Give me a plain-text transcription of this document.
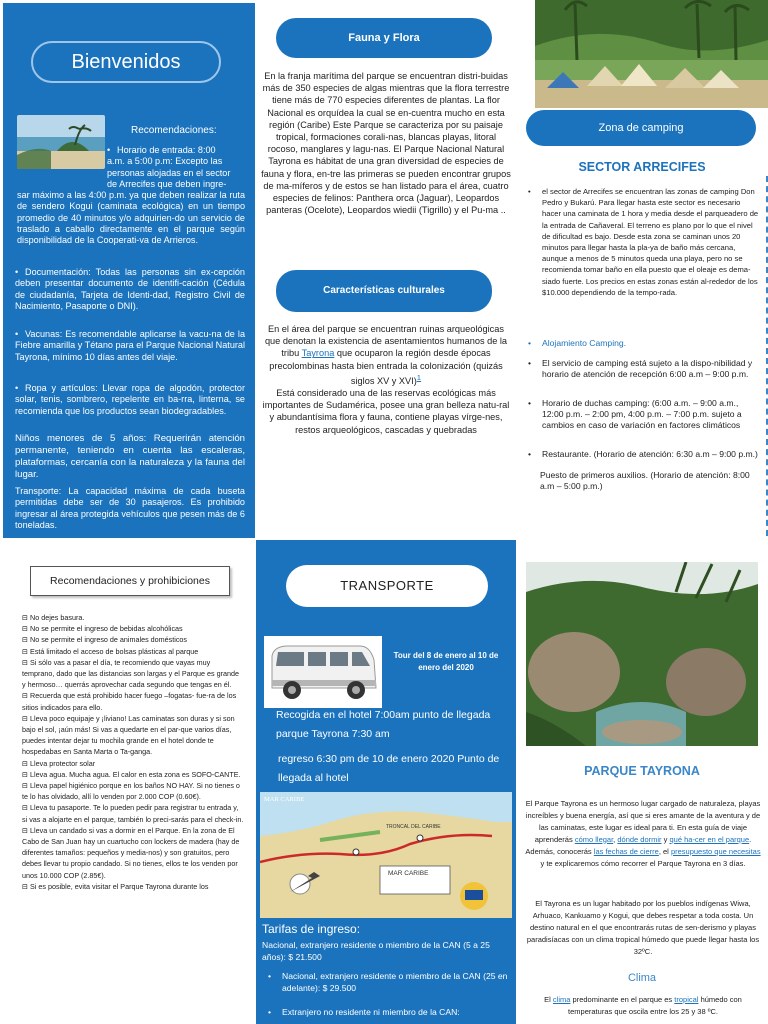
Bienvenidos
Recomendaciones:
• Horario de entrada: 8:00
a.m. a 5:00 p.m: Excepto las
personas alojadas en el sector
de Arrecifes que deben ingre-
sar máximo a las 4:00 p.m. ya que deben realizar la ruta de sendero Kogui (caminata ecológica) en un tiempo promedio de 40 minutos y/o adquirien-do un servicio de traslado a caballo directamente en el parque según disponibilidad de la Cooperati-va de Arrieros.
• Documentación: Todas las personas sin ex-cepción deben presentar documento de identifi-cación (Cédula de ciudadanía, Tarjeta de Identi-dad, Registro Civil de Nacimiento, Pasaporte o DNI).
• Vacunas: Es recomendable aplicarse la vacu-na de la Fiebre amarilla y Tétano para el Parque Nacional Natural Tayrona, mínimo 10 días antes del viaje.
• Ropa y artículos: Llevar ropa de algodón, protector solar, tenis, sombrero, repelente en ba-rra, linterna, se recomienda que los productos sean biodegradables.
Niños menores de 5 años: Requerirán atención permanente, teniendo en cuenta las escaleras, plataformas, cercanía con la naturaleza y la fauna del lugar.
Transporte: La capacidad máxima de cada buseta permitidas debe ser de 30 pasajeros. Es prohibido ingresar al área protegida vehículos que pesen más de 6 toneladas.
Fauna y Flora
En la franja marítima del parque se encuentran distri-buidas más de 350 especies de algas mientras que la flora terrestre tiene más de 770 especies diferentes de plantas. La flor Nacional es orquídea la cual se en-cuentra mucho en esta región (Caribe) Este Parque se caracteriza por su paisaje tropical, formaciones corali-nas, blancas playas, litoral rocoso, manglares y lagu-nas. El Parque Nacional Natural Tayrona es hábitat de una gran diversidad de especies de fauna y flora, en-tre las primeras se pueden encontrar grupos de ma-míferos y de estos se han listado para el área, cuatro especies de felinos: Panthera orca (Jaguar), Leopardos panteras (Ocelote), Leopardos wiedii (Tigrillo) y el Pu-ma ..
Características culturales
En el área del parque se encuentran ruinas arqueológicas que denotan la existencia de asentamientos humanos de la tribu Tayrona que ocuparon la región desde épocas precolombinas hasta bien entrada la colonización (quizás siglos XV y XVI)$^1$
Está considerado una de las reservas ecológicas más importantes de Sudamérica, posee una gran belleza natu-ral y abundantísima flora y fauna, contiene playas vírge-nes, restos arqueológicos, cascadas y quebradas
Zona de camping
SECTOR ARRECIFES
• el sector de Arrecifes se encuentran las zonas de camping Don Pedro y Bukarú. Para llegar hasta este sector es necesario hacer una caminata de 1 hora y media desde el parqueadero de la entrada de Cañaveral. El terreno es plano por lo que el nivel de dificultad es bajo. Desde esta zona se caminan unos 20 minutos para llegar hasta la pla-ya de baño más cercana, aunque a menos de 5 minutos queda una playa, pero no se recomienda tomar baño en ella puesto que el oleaje es dema-siado fuerte. Los precios en estas zonas están al-rededor de los $10.000 dependiendo de la tempo-rada.
• Alojamiento Camping.
• El servicio de camping está sujeto a la dispo-nibilidad y horario de atención de recepción 6:00 a.m – 9:00 p.m.
• Horario de duchas camping: (6:00 a.m. – 9:00 a.m., 12:00 p.m. – 2:00 pm, 4:00 p.m. – 7:00 p.m. sujeto a cambios en caso de variación en factores climáticos
• Restaurante. (Horario de atención: 6:30 a.m – 9:00 p.m.)
Puesto de primeros auxilios. (Horario de atención: 8:00 a.m – 5:00 p.m.)
Recomendaciones y prohibiciones
⊟ No dejes basura.
⊟ No se permite el ingreso de bebidas alcohólicas
⊟ No se permite el ingreso de animales domésticos
⊟ Está limitado el acceso de bolsas plásticas al parque
⊟ Si sólo vas a pasar el día, te recomiendo que vayas muy temprano, dado que las distancias son largas y el Parque es grande y hermoso… querrás aprovechar cada segundo que tengas en él.
⊟ Recuerda que está prohibido hacer fuego –fogatas- fue-ra de los sitios indicados para ello.
⊟ Lleva poco equipaje y ¡liviano! Las caminatas son duras y si son bajo el sol, ¡aún más! Si vas a quedarte en el par-que varios días, puedes intentar dejar tu mochila grande en el hotel donde te hospedabas en Santa Marta o Ta-ganga.
⊟ Lleva protector solar
⊟ Lleva agua. Mucha agua. El calor en esta zona es SOFO-CANTE.
⊟ Lleva papel higiénico porque en los baños NO HAY. Si no tienes o te lo has olvidado, allí lo venden por 2.000 COP (0.60€).
⊟ Lleva tu pasaporte. Te lo pueden pedir para registrar tu entrada y, si vas a alojarte en el parque, también lo preci-sarás para el check-in.
⊟ Lleva un candado si vas a dormir en el Parque. En la zona de El Cabo de San Juan hay un cuartucho con lockers de madera (hay de diferentes tamaños: pequeños y media-nos) y son gratuitos, pero debes llevar tu propio candado. Si no tienes, ellos te los venden por unos 10.000 COP (2.85€).
⊟ Si es posible, evita visitar el Parque Tayrona durante los
TRANSPORTE
Tour del 8 de enero al 10 de enero del 2020
Recogida en el hotel 7:00am punto de llegada parque Tayrona 7:30 am
regreso 6:30 pm de 10 de enero 2020 Punto de llegada al hotel
MAR CARIBE
MAR CARIBE
TRONCAL DEL CARIBE
Tarifas de ingreso:
Nacional, extranjero residente o miembro de la CAN (5 a 25 años): $ 21.500
• Nacional, extranjero residente o miembro de la CAN (25 en adelante): $ 29.500
• Extranjero no residente ni miembro de la CAN:
PARQUE TAYRONA
El Parque Tayrona es un hermoso lugar cargado de naturaleza, playas increíbles y buena energía, así que si eres amante de la aventura y de las caminatas, este lugar es ideal para ti. En esta guía de viaje aprenderás cómo llegar, dónde dormir y qué ha-cer en el parque. Además, conocerás las fechas de cierre, el presupuesto que necesitas y te explicaremos cómo recorrer el Parque Tayrona en 3 días.
El Tayrona es un lugar habitado por los pueblos indígenas Wiwa, Arhuaco, Kankuamo y Kogui, que debes respetar a toda costa. Un destino natural en el que encontrarás rutas de sen-derismo y playas paradisíacas con un clima tropical húmedo que puede llegar hasta los 32ºC.
Clima
El clima predominante en el parque es tropical húmedo con temperaturas que oscila entre los 25 y 38 ºC.
